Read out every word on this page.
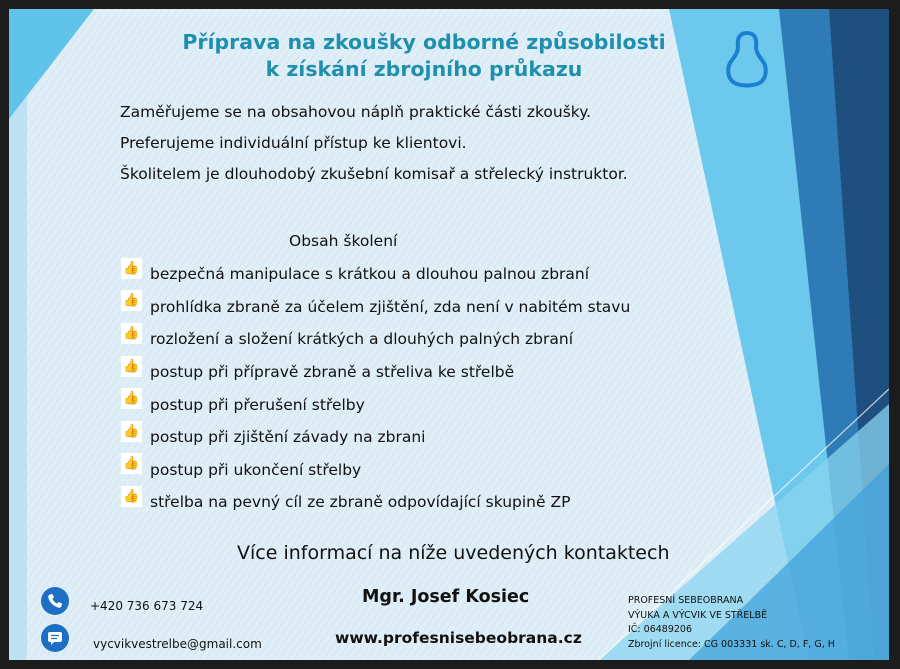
Příprava na zkoušky odborné způsobilosti
k získání zbrojního průkazu
Zaměřujeme se na obsahovou náplň praktické části zkoušky.
Preferujeme individuální přístup ke klientovi.
Školitelem je dlouhodobý zkušební komisař a střelecký instruktor.
Obsah školení
👍 bezpečná manipulace s krátkou a dlouhou palnou zbraní
👍 prohlídka zbraně za účelem zjištění, zda není v nabitém stavu
👍 rozložení a složení krátkých a dlouhých palných zbraní
👍 postup při přípravě zbraně a střeliva ke střelbě
👍 postup při přerušení střelby
👍 postup při zjištění závady na zbrani
👍 postup při ukončení střelby
👍 střelba na pevný cíl ze zbraně odpovídající skupině ZP
Více informací na níže uvedených kontaktech
+420 736 673 724
vycvikvestrelbe@gmail.com
Mgr. Josef Kosiec
www.profesnisebeobrana.cz
PROFESNÍ SEBEOBRANA
VÝUKA A VÝCVIK VE STŘELBĚ
IČ: 06489206
Zbrojní licence: CG 003331 sk. C, D, F, G, H
